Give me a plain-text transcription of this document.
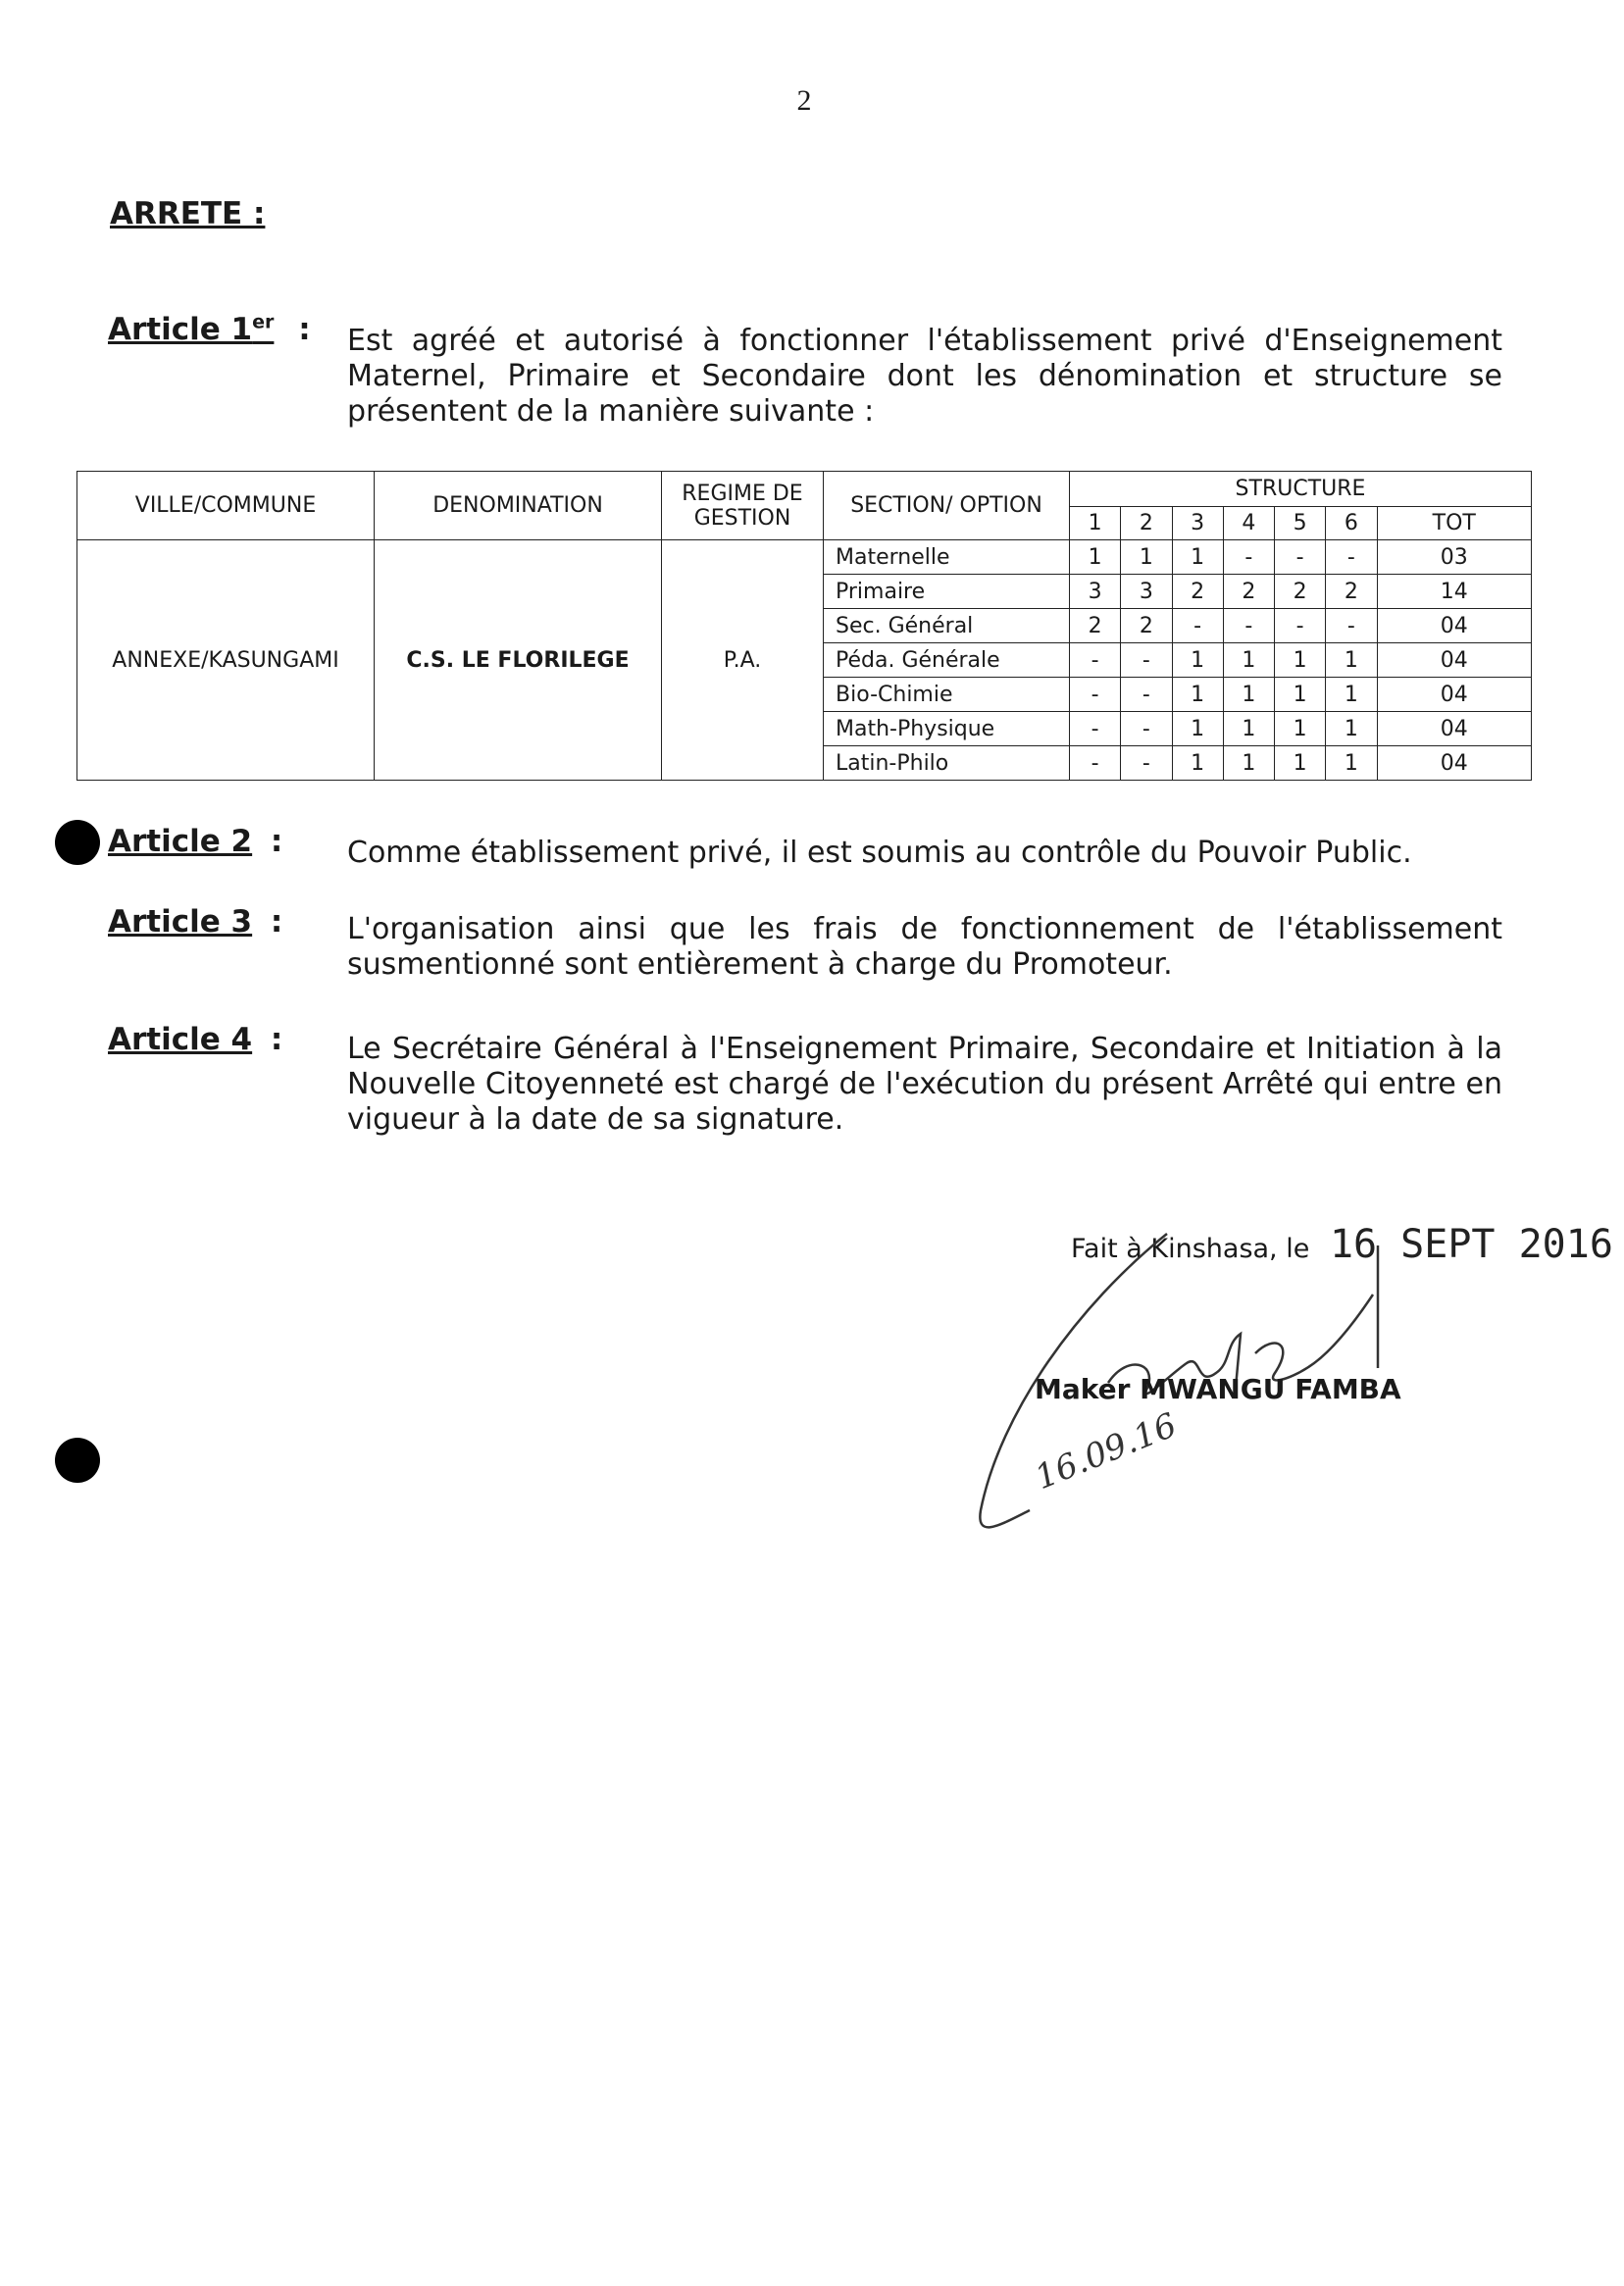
2
ARRETE :
Article 1er : Est agréé et autorisé à fonctionner l'établissement privé d'Enseignement Maternel, Primaire et Secondaire dont les dénomination et structure se présentent de la manière suivante :
VILLE/COMMUNE	DENOMINATION	REGIME DE GESTION	SECTION/ OPTION	STRUCTURE						
				1	2	3	4	5	6	TOT
ANNEXE/KASUNGAMI	C.S. LE FLORILEGE	P.A.	Maternelle	1	1	1	-	-	-	03
			Primaire	3	3	2	2	2	2	14
			Sec. Général	2	2	-	-	-	-	04
			Péda. Générale	-	-	1	1	1	1	04
			Bio-Chimie	-	-	1	1	1	1	04
			Math-Physique	-	-	1	1	1	1	04
			Latin-Philo	-	-	1	1	1	1	04
Article 2 : Comme établissement privé, il est soumis au contrôle du Pouvoir Public.
Article 3 : L'organisation ainsi que les frais de fonctionnement de l'établissement susmentionné sont entièrement à charge du Promoteur.
Article 4 : Le Secrétaire Général à l'Enseignement Primaire, Secondaire et Initiation à la Nouvelle Citoyenneté est chargé de l'exécution du présent Arrêté qui entre en vigueur à la date de sa signature.
Fait à Kinshasa, le 16 SEPT 2016
Maker MWANGU FAMBA
16.09.16
